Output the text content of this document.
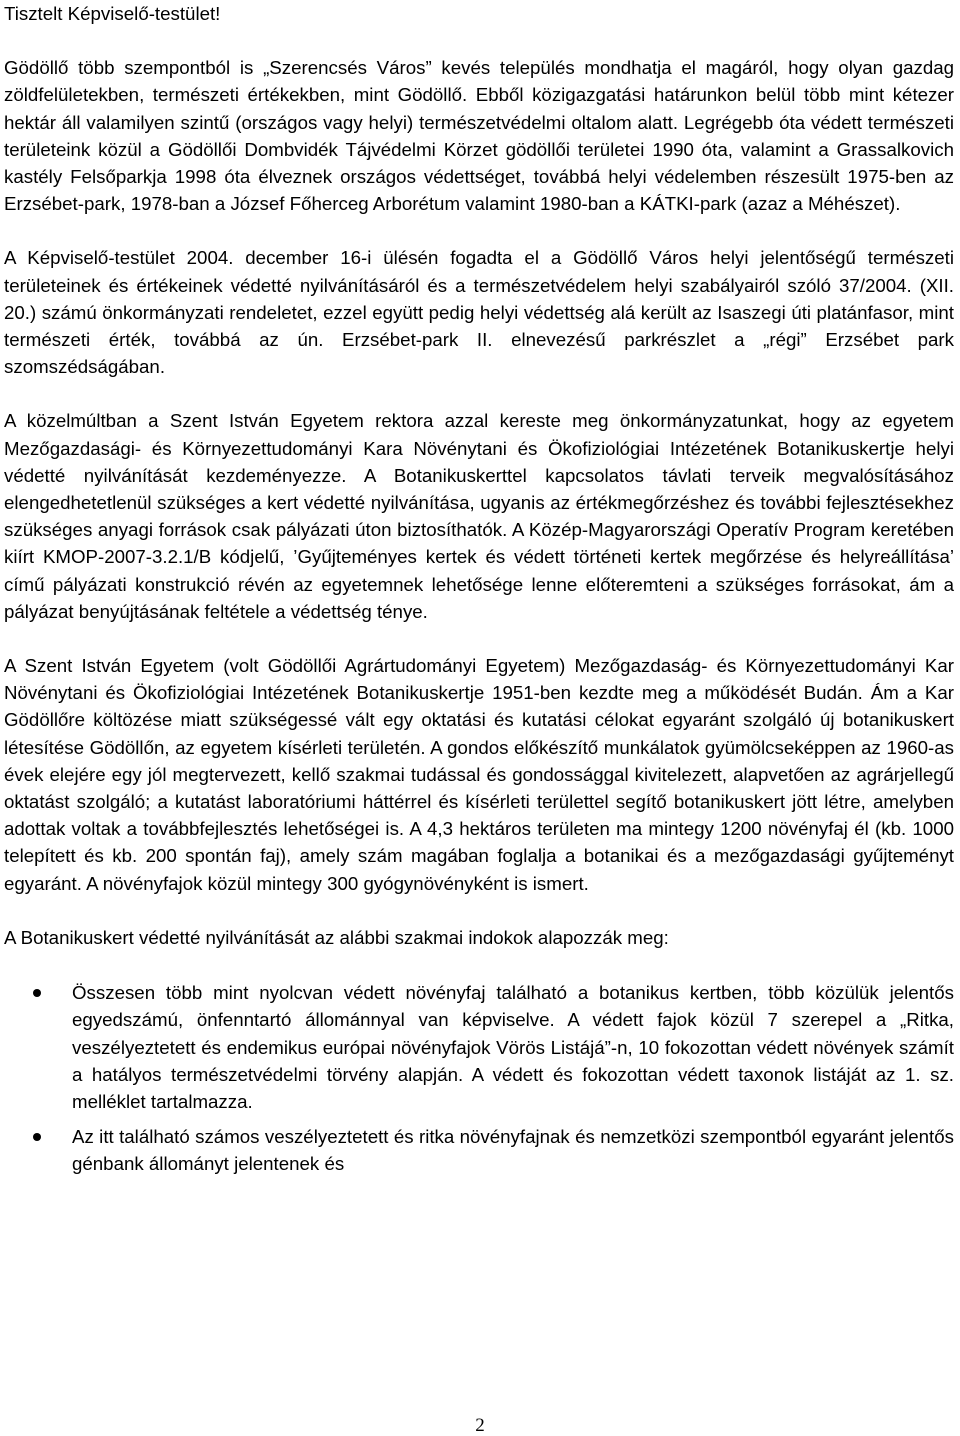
Tisztelt Képviselő-testület!

Gödöllő több szempontból is „Szerencsés Város” kevés település mondhatja el magáról, hogy olyan gazdag zöldfelületekben, természeti értékekben, mint Gödöllő. Ebből közigazgatási határunkon belül több mint kétezer hektár áll valamilyen szintű (országos vagy helyi) természetvédelmi oltalom alatt. Legrégebb óta védett természeti területeink közül a Gödöllői Dombvidék Tájvédelmi Körzet gödöllői területei 1990 óta, valamint a Grassalkovich kastély Felsőparkja 1998 óta élveznek országos védettséget, továbbá helyi védelemben részesült 1975-ben az Erzsébet-park, 1978-ban a József Főherceg Arborétum valamint 1980-ban a KÁTKI-park (azaz a Méhészet).

A Képviselő-testület 2004. december 16-i ülésén fogadta el a Gödöllő Város helyi jelentőségű természeti területeinek és értékeinek védetté nyilvánításáról és a természetvédelem helyi szabályairól szóló 37/2004. (XII. 20.) számú önkormányzati rendeletet, ezzel együtt pedig helyi védettség alá került az Isaszegi úti platánfasor, mint természeti érték, továbbá az ún. Erzsébet-park II. elnevezésű parkrészlet a „régi” Erzsébet park szomszédságában.

A közelmúltban a Szent István Egyetem rektora azzal kereste meg önkormányzatunkat, hogy az egyetem Mezőgazdasági- és Környezettudományi Kara Növénytani és Ökofiziológiai Intézetének Botanikuskertje helyi védetté nyilvánítását kezdeményezze. A Botanikuskerttel kapcsolatos távlati terveik megvalósításához elengedhetetlenül szükséges a kert védetté nyilvánítása, ugyanis az értékmegőrzéshez és további fejlesztésekhez szükséges anyagi források csak pályázati úton biztosíthatók. A Közép-Magyarországi Operatív Program keretében kiírt KMOP-2007-3.2.1/B kódjelű, ’Gyűjteményes kertek és védett történeti kertek megőrzése és helyreállítása’ című pályázati konstrukció révén az egyetemnek lehetősége lenne előteremteni a szükséges forrásokat, ám a pályázat benyújtásának feltétele a védettség ténye.

A Szent István Egyetem (volt Gödöllői Agrártudományi Egyetem) Mezőgazdaság- és Környezettudományi Kar Növénytani és Ökofiziológiai Intézetének Botanikuskertje 1951-ben kezdte meg a működését Budán. Ám a Kar Gödöllőre költözése miatt szükségessé vált egy oktatási és kutatási célokat egyaránt szolgáló új botanikuskert létesítése Gödöllőn, az egyetem kísérleti területén. A gondos előkészítő munkálatok gyümölcseképpen az 1960-as évek elejére egy jól megtervezett, kellő szakmai tudással és gondossággal kivitelezett, alapvetően az agrárjellegű oktatást szolgáló; a kutatást laboratóriumi háttérrel és kísérleti területtel segítő botanikuskert jött létre, amelyben adottak voltak a továbbfejlesztés lehetőségei is. A 4,3 hektáros területen ma mintegy 1200 növényfaj él (kb. 1000 telepített és kb. 200 spontán faj), amely szám magában foglalja a botanikai és a mezőgazdasági gyűjteményt egyaránt. A növényfajok közül mintegy 300 gyógynövényként is ismert.

A Botanikuskert védetté nyilvánítását az alábbi szakmai indokok alapozzák meg:

Összesen több mint nyolcvan védett növényfaj található a botanikus kertben, több közülük jelentős egyedszámú, önfenntartó állománnyal van képviselve. A védett fajok közül 7 szerepel a „Ritka, veszélyeztetett és endemikus európai növényfajok Vörös Listájá”-n, 10 fokozottan védett növények számít a hatályos természetvédelmi törvény alapján. A védett és fokozottan védett taxonok listáját az 1. sz. melléklet tartalmazza.
Az itt található számos veszélyeztetett és ritka növényfajnak és nemzetközi szempontból egyaránt jelentős génbank állományt jelentenek és
2
